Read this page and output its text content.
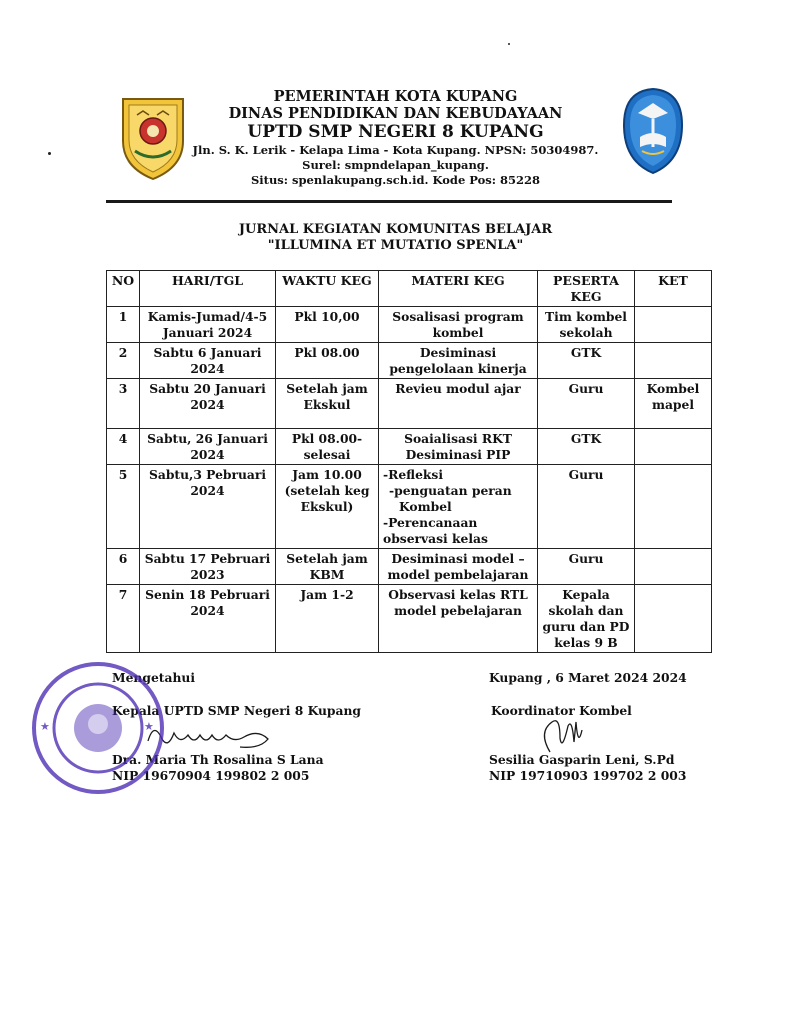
PEMERINTAH KOTA KUPANG
DINAS PENDIDIKAN DAN KEBUDAYAAN
UPTD SMP NEGERI 8 KUPANG
Jln. S. K. Lerik - Kelapa Lima - Kota Kupang. NPSN: 50304987.
Surel: smpndelapan_kupang.
Situs: spenlakupang.sch.id. Kode Pos: 85228
JURNAL KEGIATAN KOMUNITAS BELAJAR
"ILLUMINA ET MUTATIO SPENLA"
NO	HARI/TGL	WAKTU KEG	MATERI KEG	PESERTA KEG	KET
1	Kamis-Jumad/4-5 Januari 2024	Pkl 10,00	Sosalisasi program kombel	Tim kombel sekolah	
2	Sabtu 6 Januari 2024	Pkl 08.00	Desiminasi pengelolaan kinerja	GTK	
3	Sabtu 20 Januari 2024	Setelah jam Ekskul	Revieu modul ajar	Guru	Kombel mapel
4	Sabtu, 26 Januari 2024	Pkl 08.00-selesai	Soaialisasi RKT Desiminasi PIP	GTK	
5	Sabtu,3 Pebruari 2024	Jam 10.00 (setelah keg Ekskul)	-Refleksi
-penguatan peran
Kombel
-Perencanaan observasi kelas	Guru	
6	Sabtu 17 Pebruari 2023	Setelah jam KBM	Desiminasi model – model pembelajaran	Guru	
7	Senin 18 Pebruari 2024	Jam 1-2	Observasi kelas RTL model pebelajaran	Kepala skolah dan guru dan PD kelas 9 B	
Mengetahui
Kepala UPTD SMP Negeri 8 Kupang
Dra. Maria Th Rosalina S Lana
NIP 19670904 199802 2 005
★	★
Kupang , 6 Maret 2024 2024
Koordinator Kombel
Sesilia Gasparin Leni, S.Pd
NIP 19710903 199702 2 003
